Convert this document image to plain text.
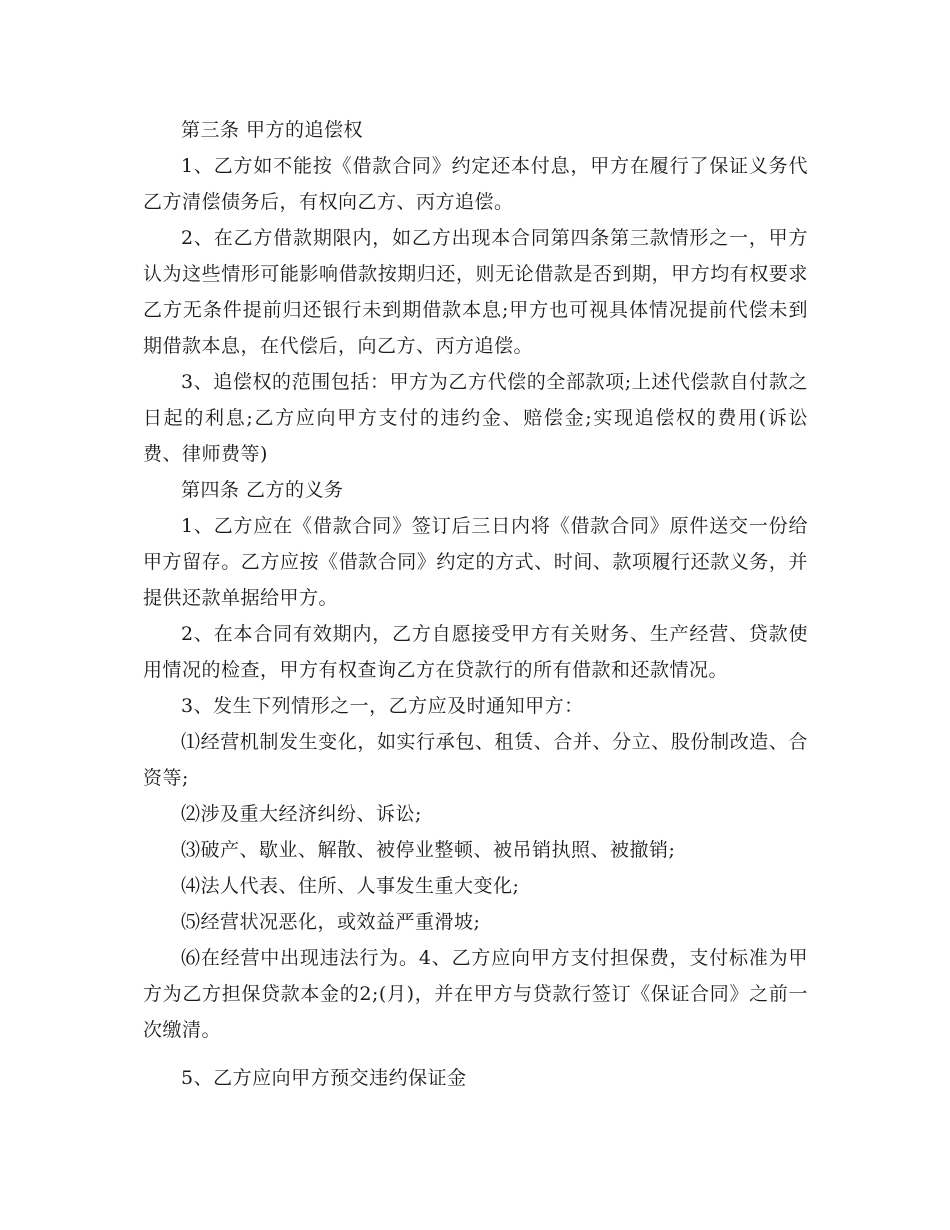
第三条 甲方的追偿权

1、乙方如不能按《借款合同》约定还本付息，甲方在履行了保证义务代乙方清偿债务后，有权向乙方、丙方追偿。

2、在乙方借款期限内，如乙方出现本合同第四条第三款情形之一，甲方认为这些情形可能影响借款按期归还，则无论借款是否到期，甲方均有权要求乙方无条件提前归还银行未到期借款本息;甲方也可视具体情况提前代偿未到期借款本息，在代偿后，向乙方、丙方追偿。

3、追偿权的范围包括：甲方为乙方代偿的全部款项;上述代偿款自付款之日起的利息;乙方应向甲方支付的违约金、赔偿金;实现追偿权的费用(诉讼费、律师费等)

第四条 乙方的义务

1、乙方应在《借款合同》签订后三日内将《借款合同》原件送交一份给甲方留存。乙方应按《借款合同》约定的方式、时间、款项履行还款义务，并提供还款单据给甲方。

2、在本合同有效期内，乙方自愿接受甲方有关财务、生产经营、贷款使用情况的检查，甲方有权查询乙方在贷款行的所有借款和还款情况。

3、发生下列情形之一，乙方应及时通知甲方：

⑴经营机制发生变化，如实行承包、租赁、合并、分立、股份制改造、合资等;

⑵涉及重大经济纠纷、诉讼;

⑶破产、歇业、解散、被停业整顿、被吊销执照、被撤销;

⑷法人代表、住所、人事发生重大变化;

⑸经营状况恶化，或效益严重滑坡;

⑹在经营中出现违法行为。4、乙方应向甲方支付担保费，支付标准为甲方为乙方担保贷款本金的2;(月)，并在甲方与贷款行签订《保证合同》之前一次缴清。

5、乙方应向甲方预交违约保证金
